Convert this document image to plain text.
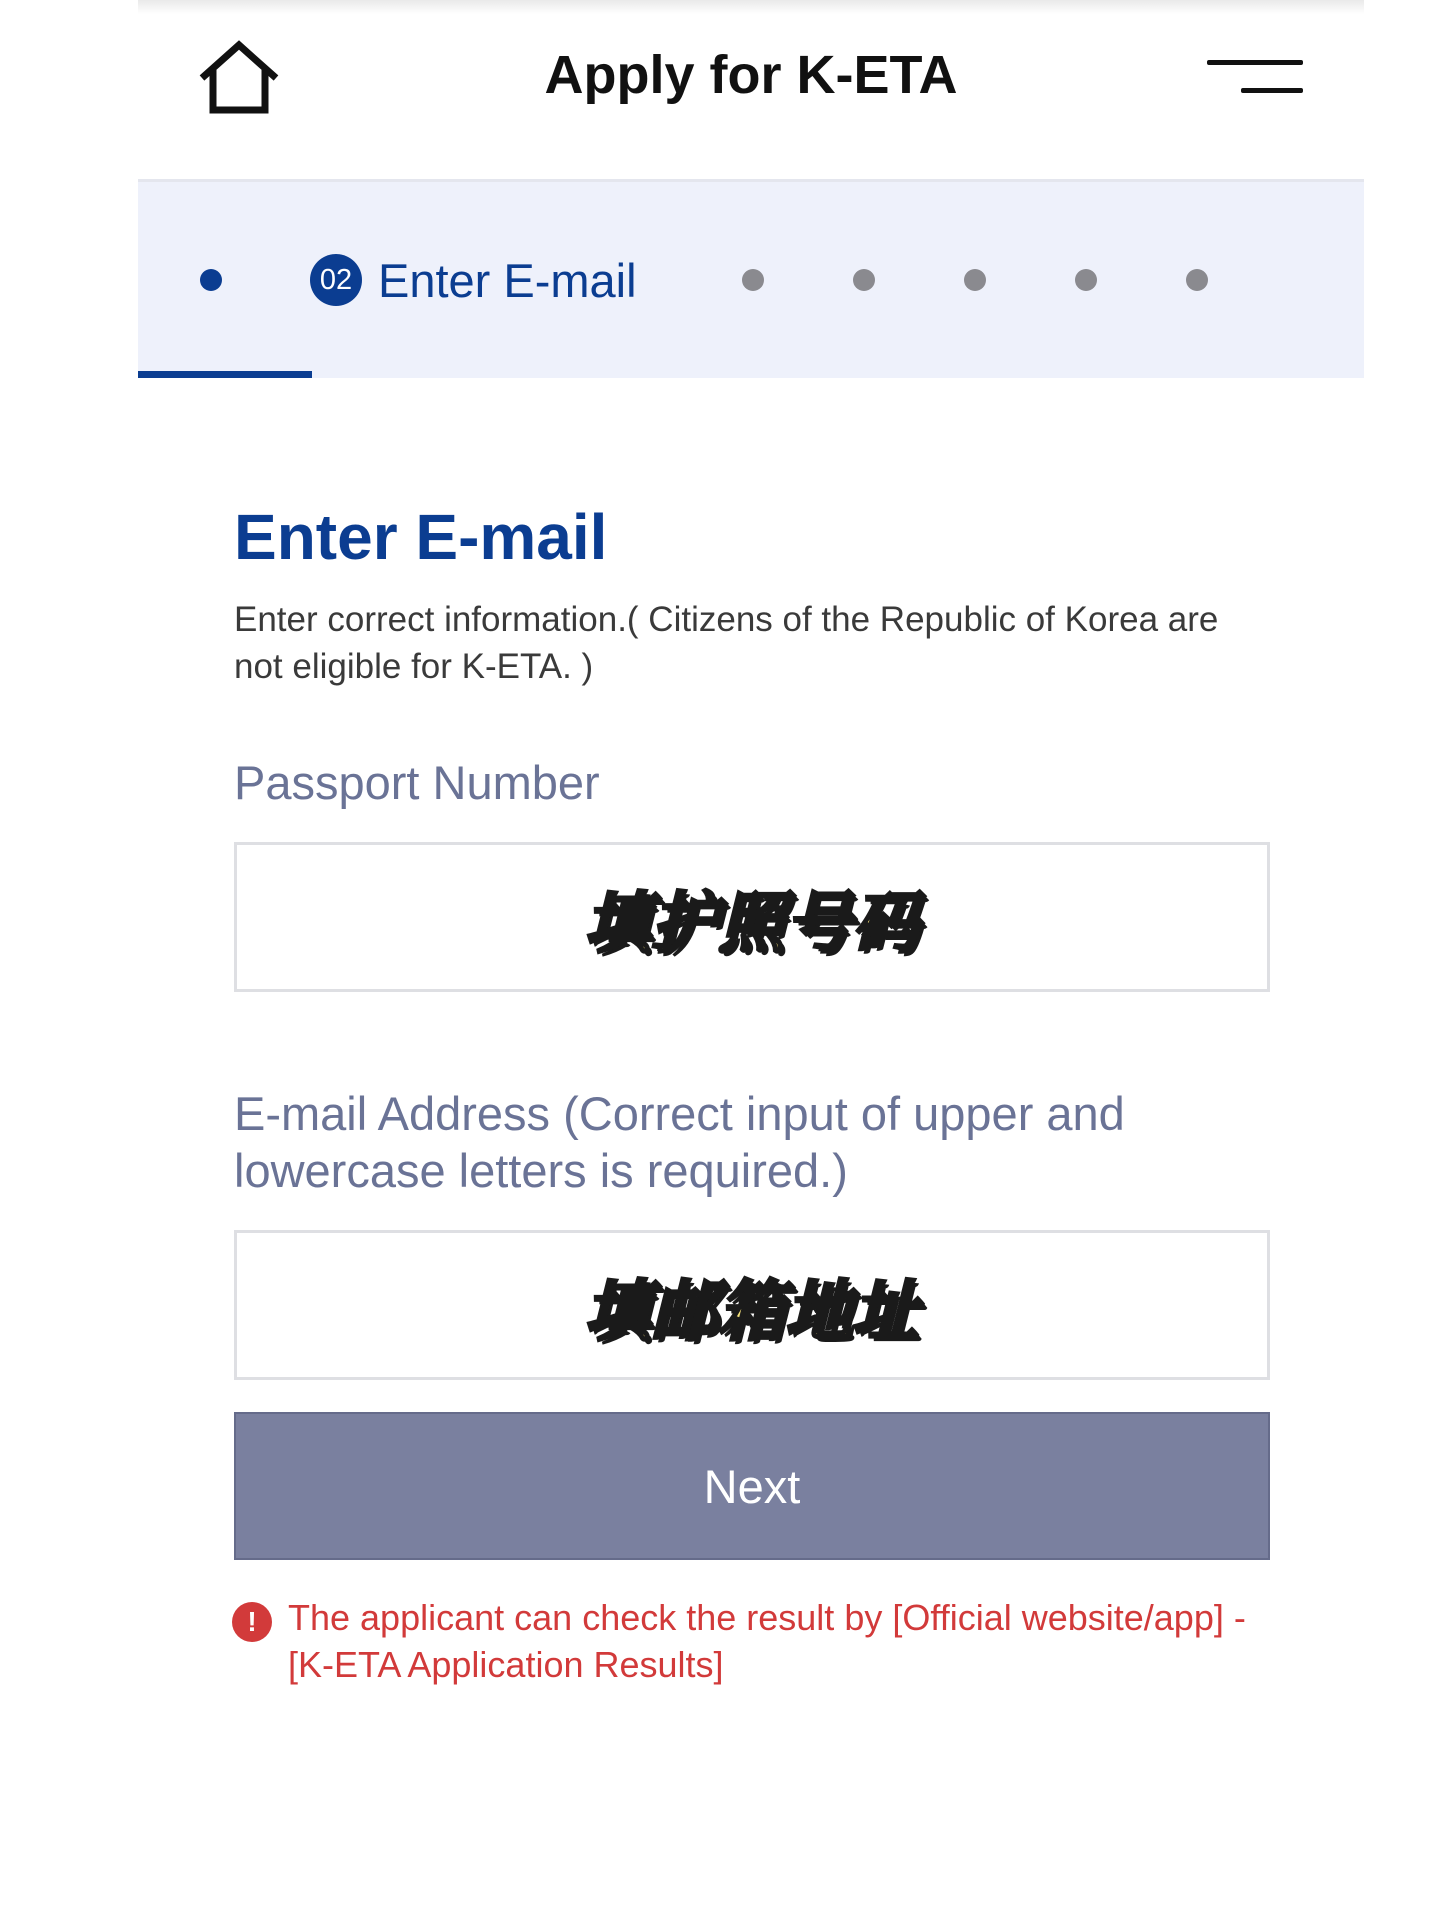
Apply for K-ETA
02 Enter E-mail
Enter E-mail
Enter correct information.( Citizens of the Republic of Korea are not eligible for K-ETA. )
Passport Number
填护照号码
E-mail Address (Correct input of upper and lowercase letters is required.)
填邮箱地址
Next
! The applicant can check the result by [Official website/app] - [K-ETA Application Results]
